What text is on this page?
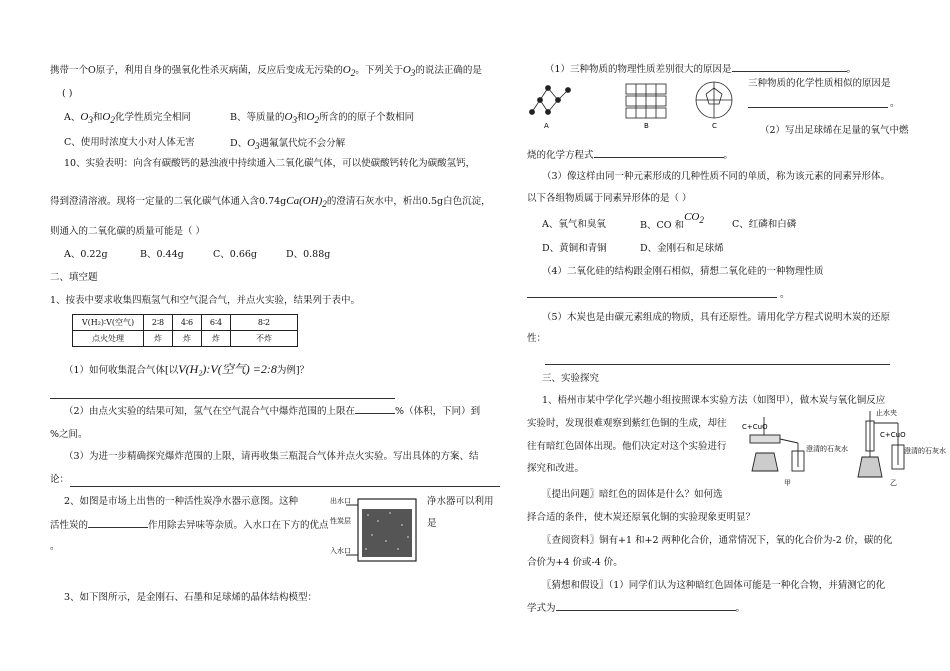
携带一个O原子，利用自身的强氧化性杀灭病菌，反应后变成无污染的$O_2$。下列关于$O_3$的说法正确的是
( )
A、$O_3$和$O_2$化学性质完全相同	B、等质量的$O_3$和$O_2$所含的的原子个数相同
C、使用时浓度大小对人体无害	D、$O_3$遇氟氯代烷不会分解
10、实验表明：向含有碳酸钙的悬浊液中持续通入二氧化碳气体，可以使碳酸钙转化为碳酸氢钙，
得到澄清溶液。现将一定量的二氧化碳气体通入含$0.74gCa(OH)_2$的澄清石灰水中，析出0.5g白色沉淀，
则通入的二氧化碳的质量可能是（ ）
A、0.22g	B、0.44g	C、0.66g	D、0.88g
二、填空题
1、按表中要求收集四瓶氢气和空气混合气，并点火实验，结果列于表中。
V(H₂)∶V(空气)	2∶8	4∶6	6∶4	8∶2
点火处理	炸	炸	炸	不炸
（1）如何收集混合气体[以V(H₂):V(空气) =2:8为例]？
（2）由点火实验的结果可知，氢气在空气混合气中爆炸范围的上限在	%（体积，下同）到
%之间。
（3）为进一步精确探究爆炸范围的上限，请再收集三瓶混合气体并点火实验。写出具体的方案、结
论：
2、如图是市场上出售的一种活性炭净水器示意图。这种	净水器可以利用
活性炭的	作用除去异味等杂质。入水口在下方的优点	是
。
出水口
性炭层
入水口
3、如下图所示，是金刚石、石墨和足球烯的晶体结构模型：
（1）三种物质的物理性质差别很大的原因是	。
A	B	C
三种物质的化学性质相似的原因是
。
（2）写出足球烯在足量的氧气中燃
烧的化学方程式	。
（3）像这样由同一种元素形成的几种性质不同的单质，称为该元素的同素异形体。
以下各组物质属于同素异形体的是（ ）
A、氧气和臭氧	B、CO 和$CO_2$	C、红磷和白磷
D、黄铜和青铜	D、金刚石和足球烯
（4）二氧化硅的结构跟金刚石相似，猜想二氧化硅的一种物理性质
。
（5）木炭也是由碳元素组成的物质，具有还原性。请用化学方程式说明木炭的还原
性：
三、实验探究
1、梧州市某中学化学兴趣小组按照课本实验方法（如图甲），做木炭与氧化铜反应
实验时，发现很难观察到紫红色铜的生成，却往
往有暗红色固体出现。他们决定对这个实验进行
探究和改进。
C+CuO
澄清的石灰水
止水夹
C+CuO
澄清的石灰水
甲	乙
〖提出问题〗暗红色的固体是什么？如何选
择合适的条件，使木炭还原氧化铜的实验现象更明显？
〖查阅资料〗铜有+1 和+2 两种化合价，通常情况下，氧的化合价为-2 价，碳的化
合价为+4 价或-4 价。
〖猜想和假设〗（1）同学们认为这种暗红色固体可能是一种化合物，并猜测它的化
学式为	。
